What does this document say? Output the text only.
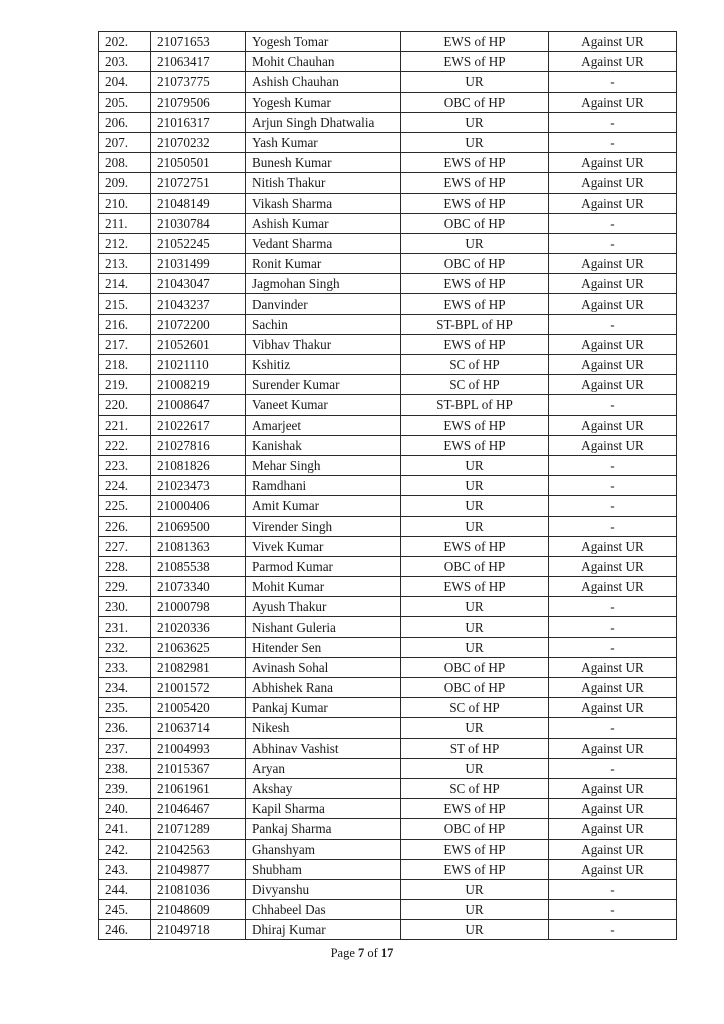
202.	21071653	Yogesh Tomar	EWS of HP	Against UR
203.	21063417	Mohit Chauhan	EWS of HP	Against UR
204.	21073775	Ashish Chauhan	UR	-
205.	21079506	Yogesh Kumar	OBC of HP	Against UR
206.	21016317	Arjun Singh Dhatwalia	UR	-
207.	21070232	Yash Kumar	UR	-
208.	21050501	Bunesh Kumar	EWS of HP	Against UR
209.	21072751	Nitish Thakur	EWS of HP	Against UR
210.	21048149	Vikash Sharma	EWS of HP	Against UR
211.	21030784	Ashish Kumar	OBC of HP	-
212.	21052245	Vedant Sharma	UR	-
213.	21031499	Ronit Kumar	OBC of HP	Against UR
214.	21043047	Jagmohan Singh	EWS of HP	Against UR
215.	21043237	Danvinder	EWS of HP	Against UR
216.	21072200	Sachin	ST-BPL of HP	-
217.	21052601	Vibhav Thakur	EWS of HP	Against UR
218.	21021110	Kshitiz	SC of HP	Against UR
219.	21008219	Surender Kumar	SC of HP	Against UR
220.	21008647	Vaneet Kumar	ST-BPL of HP	-
221.	21022617	Amarjeet	EWS of HP	Against UR
222.	21027816	Kanishak	EWS of HP	Against UR
223.	21081826	Mehar Singh	UR	-
224.	21023473	Ramdhani	UR	-
225.	21000406	Amit Kumar	UR	-
226.	21069500	Virender Singh	UR	-
227.	21081363	Vivek Kumar	EWS of HP	Against UR
228.	21085538	Parmod Kumar	OBC of HP	Against UR
229.	21073340	Mohit Kumar	EWS of HP	Against UR
230.	21000798	Ayush Thakur	UR	-
231.	21020336	Nishant Guleria	UR	-
232.	21063625	Hitender Sen	UR	-
233.	21082981	Avinash Sohal	OBC of HP	Against UR
234.	21001572	Abhishek Rana	OBC of HP	Against UR
235.	21005420	Pankaj Kumar	SC of HP	Against UR
236.	21063714	Nikesh	UR	-
237.	21004993	Abhinav Vashist	ST of HP	Against UR
238.	21015367	Aryan	UR	-
239.	21061961	Akshay	SC of HP	Against UR
240.	21046467	Kapil Sharma	EWS of HP	Against UR
241.	21071289	Pankaj Sharma	OBC of HP	Against UR
242.	21042563	Ghanshyam	EWS of HP	Against UR
243.	21049877	Shubham	EWS of HP	Against UR
244.	21081036	Divyanshu	UR	-
245.	21048609	Chhabeel Das	UR	-
246.	21049718	Dhiraj Kumar	UR	-
Page 7 of 17
